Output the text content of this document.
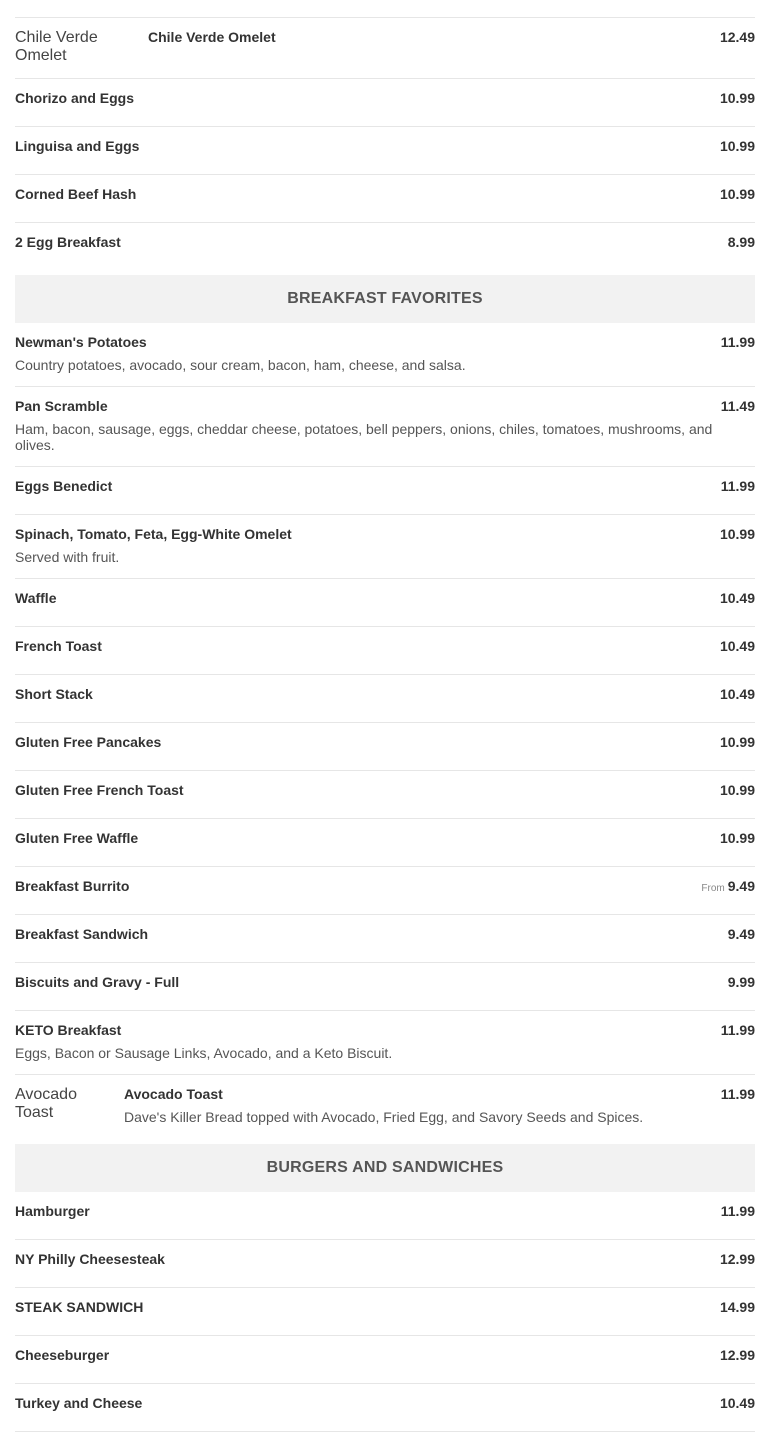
Chile Verde Omelet
Chile Verde Omelet	12.49
Chorizo and Eggs	10.99
Linguisa and Eggs	10.99
Corned Beef Hash	10.99
2 Egg Breakfast	8.99
BREAKFAST FAVORITES
Newman's Potatoes	11.99
Country potatoes, avocado, sour cream, bacon, ham, cheese, and salsa.
Pan Scramble	11.49
Ham, bacon, sausage, eggs, cheddar cheese, potatoes, bell peppers, onions, chiles, tomatoes, mushrooms, and olives.
Eggs Benedict	11.99
Spinach, Tomato, Feta, Egg-White Omelet	10.99
Served with fruit.
Waffle	10.49
French Toast	10.49
Short Stack	10.49
Gluten Free Pancakes	10.99
Gluten Free French Toast	10.99
Gluten Free Waffle	10.99
Breakfast Burrito	From 9.49
Breakfast Sandwich	9.49
Biscuits and Gravy - Full	9.99
KETO Breakfast	11.99
Eggs, Bacon or Sausage Links, Avocado, and a Keto Biscuit.
Avocado Toast
Avocado Toast	11.99
Dave's Killer Bread topped with Avocado, Fried Egg, and Savory Seeds and Spices.
BURGERS AND SANDWICHES
Hamburger	11.99
NY Philly Cheesesteak	12.99
STEAK SANDWICH	14.99
Cheeseburger	12.99
Turkey and Cheese	10.49
